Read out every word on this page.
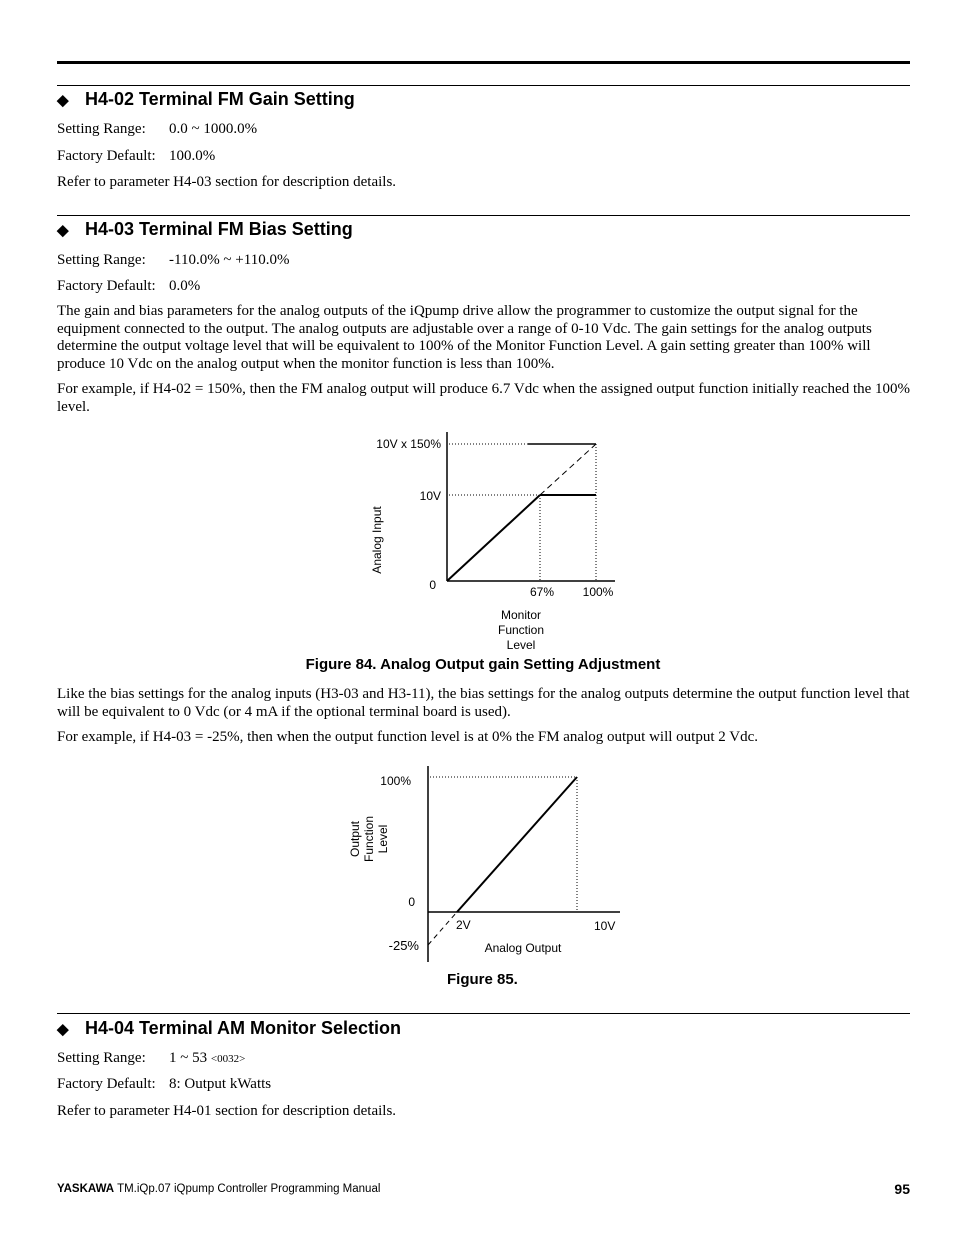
◆ H4-02 Terminal FM Gain Setting
Setting Range: 0.0 ~ 1000.0%
Factory Default: 100.0%
Refer to parameter H4-03 section for description details.
◆ H4-03 Terminal FM Bias Setting
Setting Range: -110.0% ~ +110.0%
Factory Default: 0.0%
The gain and bias parameters for the analog outputs of the iQpump drive allow the programmer to customize the output signal for the equipment connected to the output. The analog outputs are adjustable over a range of 0-10 Vdc. The gain settings for the analog outputs determine the output voltage level that will be equivalent to 100% of the Monitor Function Level. A gain setting greater than 100% will produce 10 Vdc on the analog output when the monitor function is less than 100%.
For example, if H4-02 = 150%, then the FM analog output will produce 6.7 Vdc when the assigned output function initially reached the 100% level.
10V x 150%
10V
0
Analog Input
67% 100%
Monitor
Function
Level
Figure 84. Analog Output gain Setting Adjustment
Like the bias settings for the analog inputs (H3-03 and H3-11), the bias settings for the analog outputs determine the output function level that will be equivalent to 0 Vdc (or 4 mA if the optional terminal board is used).
For example, if H4-03 = -25%, then when the output function level is at 0% the FM analog output will output 2 Vdc.
100%
0
-25%
Output Function Level
2V	10V
Analog Output
Figure 85.
◆ H4-04 Terminal AM Monitor Selection
Setting Range: 1 ~ 53 <0032>
Factory Default: 8: Output kWatts
Refer to parameter H4-01 section for description details.
YASKAWA TM.iQp.07 iQpump Controller Programming Manual	95
